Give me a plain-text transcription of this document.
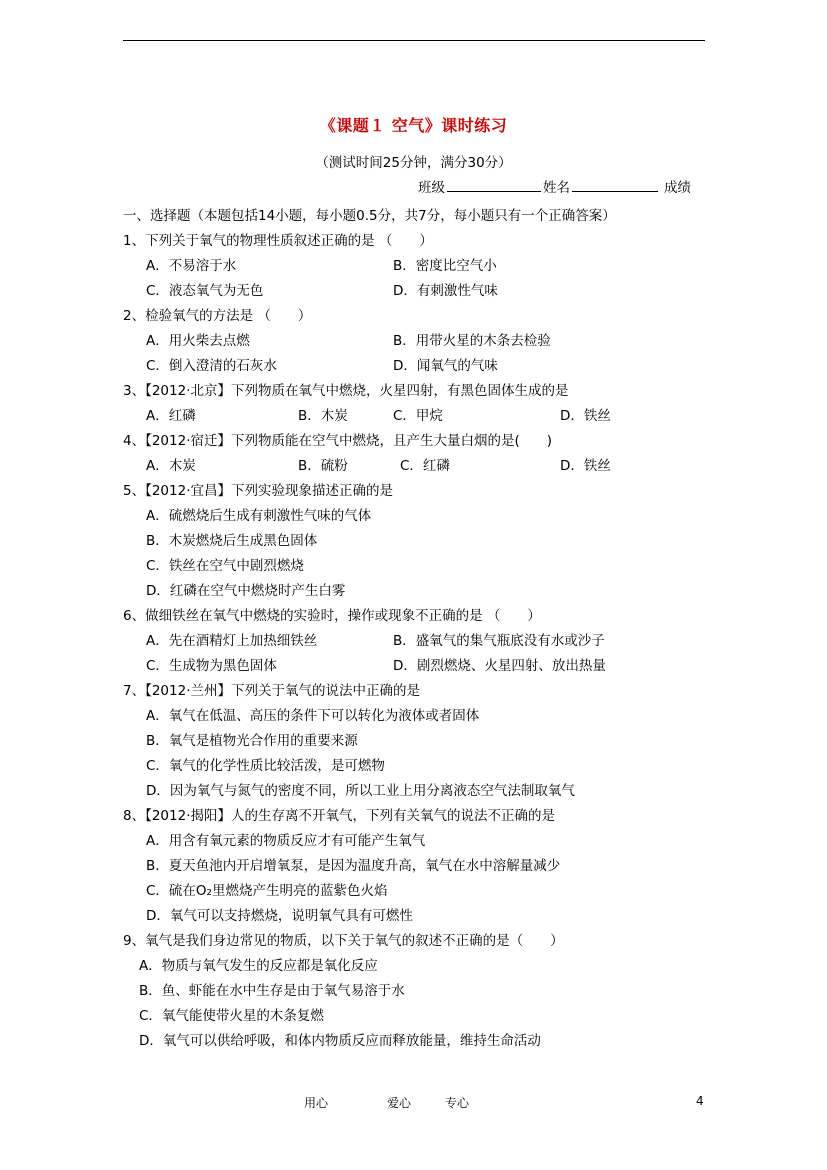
《课题１ 空气》课时练习
（测试时间25分钟，满分30分）
班级	姓名	成绩
一、选择题（本题包括14小题，每小题0.5分，共7分，每小题只有一个正确答案）
1、下列关于氧气的物理性质叙述正确的是 （　　）
A．不易溶于水	B．密度比空气小
C．液态氧气为无色	D．有刺激性气味
2、检验氧气的方法是 （　　）
A．用火柴去点燃	B．用带火星的木条去检验
C．倒入澄清的石灰水	D．闻氧气的气味
3、【2012·北京】下列物质在氧气中燃烧，火星四射，有黑色固体生成的是
A．红磷	B．木炭	C．甲烷	D．铁丝
4、【2012·宿迁】下列物质能在空气中燃烧，且产生大量白烟的是(　　)
A．木炭	B．硫粉	C．红磷	D．铁丝
5、【2012·宜昌】下列实验现象描述正确的是
A．硫燃烧后生成有刺激性气味的气体
B．木炭燃烧后生成黑色固体
C．铁丝在空气中剧烈燃烧
D．红磷在空气中燃烧时产生白雾
6、做细铁丝在氧气中燃烧的实验时，操作或现象不正确的是 （　　）
A．先在酒精灯上加热细铁丝	B．盛氧气的集气瓶底没有水或沙子
C．生成物为黑色固体	D．剧烈燃烧、火星四射、放出热量
7、【2012·兰州】下列关于氧气的说法中正确的是
A．氧气在低温、高压的条件下可以转化为液体或者固体
B．氧气是植物光合作用的重要来源
C．氧气的化学性质比较活泼，是可燃物
D．因为氧气与氮气的密度不同，所以工业上用分离液态空气法制取氧气
8、【2012·揭阳】人的生存离不开氧气，下列有关氧气的说法不正确的是
A．用含有氧元素的物质反应才有可能产生氧气
B．夏天鱼池内开启增氧泵，是因为温度升高，氧气在水中溶解量减少
C．硫在O₂里燃烧产生明亮的蓝紫色火焰
D．氧气可以支持燃烧，说明氧气具有可燃性
9、氧气是我们身边常见的物质，以下关于氧气的叙述不正确的是（　　）
A．物质与氧气发生的反应都是氧化反应
B．鱼、虾能在水中生存是由于氧气易溶于水
C．氧气能使带火星的木条复燃
D．氧气可以供给呼吸，和体内物质反应而释放能量，维持生命活动
用心	爱心	专心	4
